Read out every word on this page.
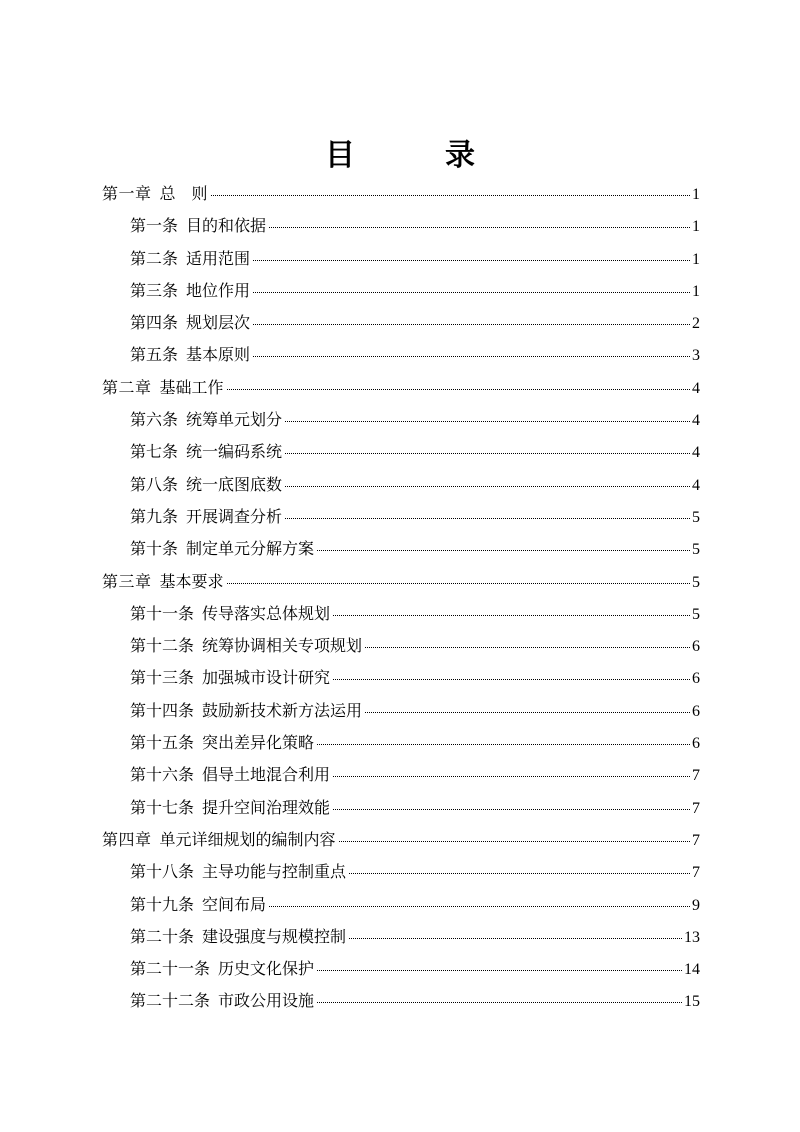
目　录
第一章 总　则	1
第一条 目的和依据	1
第二条 适用范围	1
第三条 地位作用	1
第四条 规划层次	2
第五条 基本原则	3
第二章 基础工作	4
第六条 统筹单元划分	4
第七条 统一编码系统	4
第八条 统一底图底数	4
第九条 开展调查分析	5
第十条 制定单元分解方案	5
第三章 基本要求	5
第十一条 传导落实总体规划	5
第十二条 统筹协调相关专项规划	6
第十三条 加强城市设计研究	6
第十四条 鼓励新技术新方法运用	6
第十五条 突出差异化策略	6
第十六条 倡导土地混合利用	7
第十七条 提升空间治理效能	7
第四章 单元详细规划的编制内容	7
第十八条 主导功能与控制重点	7
第十九条 空间布局	9
第二十条 建设强度与规模控制	13
第二十一条 历史文化保护	14
第二十二条 市政公用设施	15
